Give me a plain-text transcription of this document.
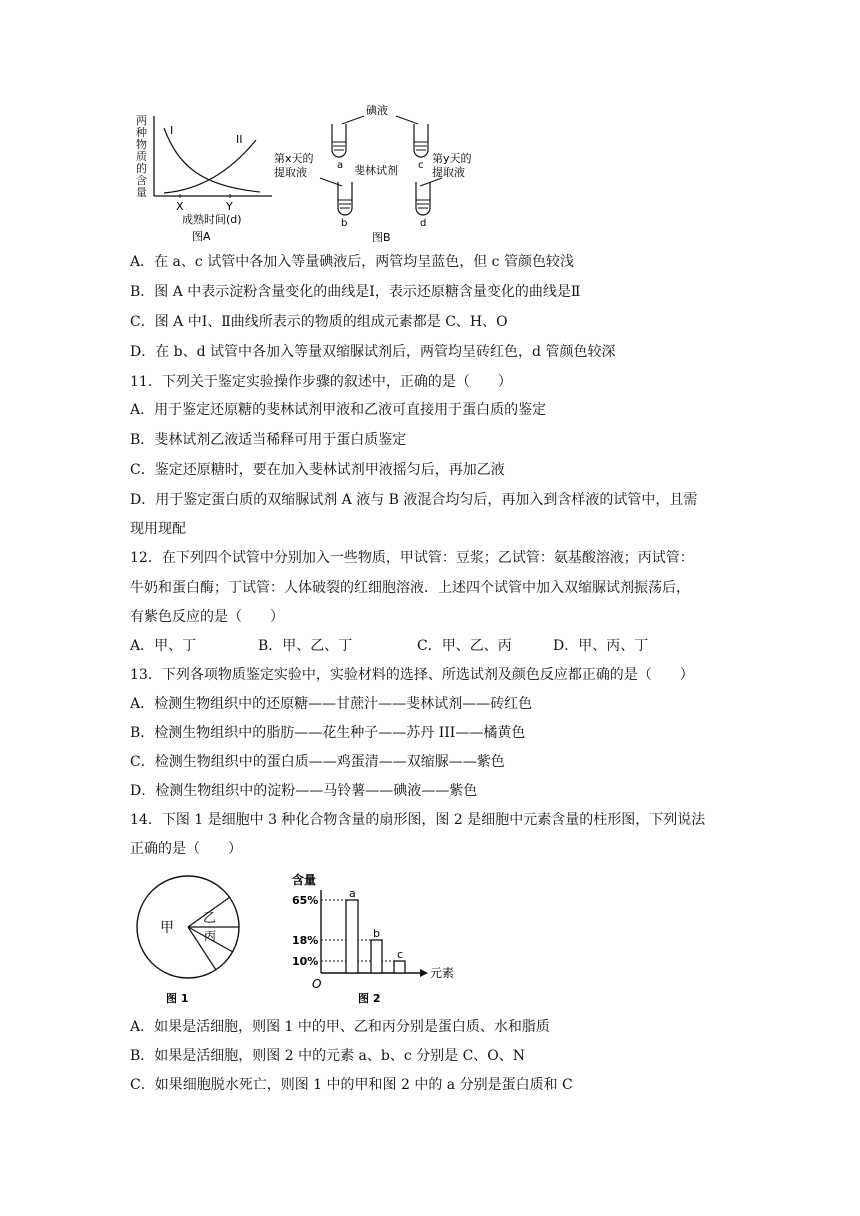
两
种
物
质
的
含
量
I
II
X	Y
成熟时间(d)
图A
碘液
a	c
第x天的
提取液
第y天的
提取液
斐林试剂
b	d
图B
A．在 a、c 试管中各加入等量碘液后，两管均呈蓝色，但 c 管颜色较浅
B．图 A 中表示淀粉含量变化的曲线是Ⅰ，表示还原糖含量变化的曲线是Ⅱ
C．图 A 中Ⅰ、Ⅱ曲线所表示的物质的组成元素都是 C、H、O
D．在 b、d 试管中各加入等量双缩脲试剂后，两管均呈砖红色，d 管颜色较深
11．下列关于鉴定实验操作步骤的叙述中，正确的是（　　）
A．用于鉴定还原糖的斐林试剂甲液和乙液可直接用于蛋白质的鉴定
B．斐林试剂乙液适当稀释可用于蛋白质鉴定
C．鉴定还原糖时，要在加入斐林试剂甲液摇匀后，再加乙液
D．用于鉴定蛋白质的双缩脲试剂 A 液与 B 液混合均匀后，再加入到含样液的试管中，且需
现用现配
12．在下列四个试管中分别加入一些物质，甲试管：豆浆；乙试管：氨基酸溶液；丙试管：
牛奶和蛋白酶；丁试管：人体破裂的红细胞溶液．上述四个试管中加入双缩脲试剂振荡后，
有紫色反应的是（　　）
A．甲、丁	B．甲、乙、丁	C．甲、乙、丙	D．甲、丙、丁
13．下列各项物质鉴定实验中，实验材料的选择、所选试剂及颜色反应都正确的是（　　）
A．检测生物组织中的还原糖——甘蔗汁——斐林试剂——砖红色
B．检测生物组织中的脂肪——花生种子——苏丹 III——橘黄色
C．检测生物组织中的蛋白质——鸡蛋清——双缩脲——紫色
D．检测生物组织中的淀粉——马铃薯——碘液——紫色
14．下图 1 是细胞中 3 种化合物含量的扇形图，图 2 是细胞中元素含量的柱形图，下列说法
正确的是（　　）
甲
乙
丙
图 1
含量
元素
O
65%
18%
10%
a
b
c
图 2
A．如果是活细胞，则图 1 中的甲、乙和丙分别是蛋白质、水和脂质
B．如果是活细胞，则图 2 中的元素 a、b、c 分别是 C、O、N
C．如果细胞脱水死亡，则图 1 中的甲和图 2 中的 a 分别是蛋白质和 C
